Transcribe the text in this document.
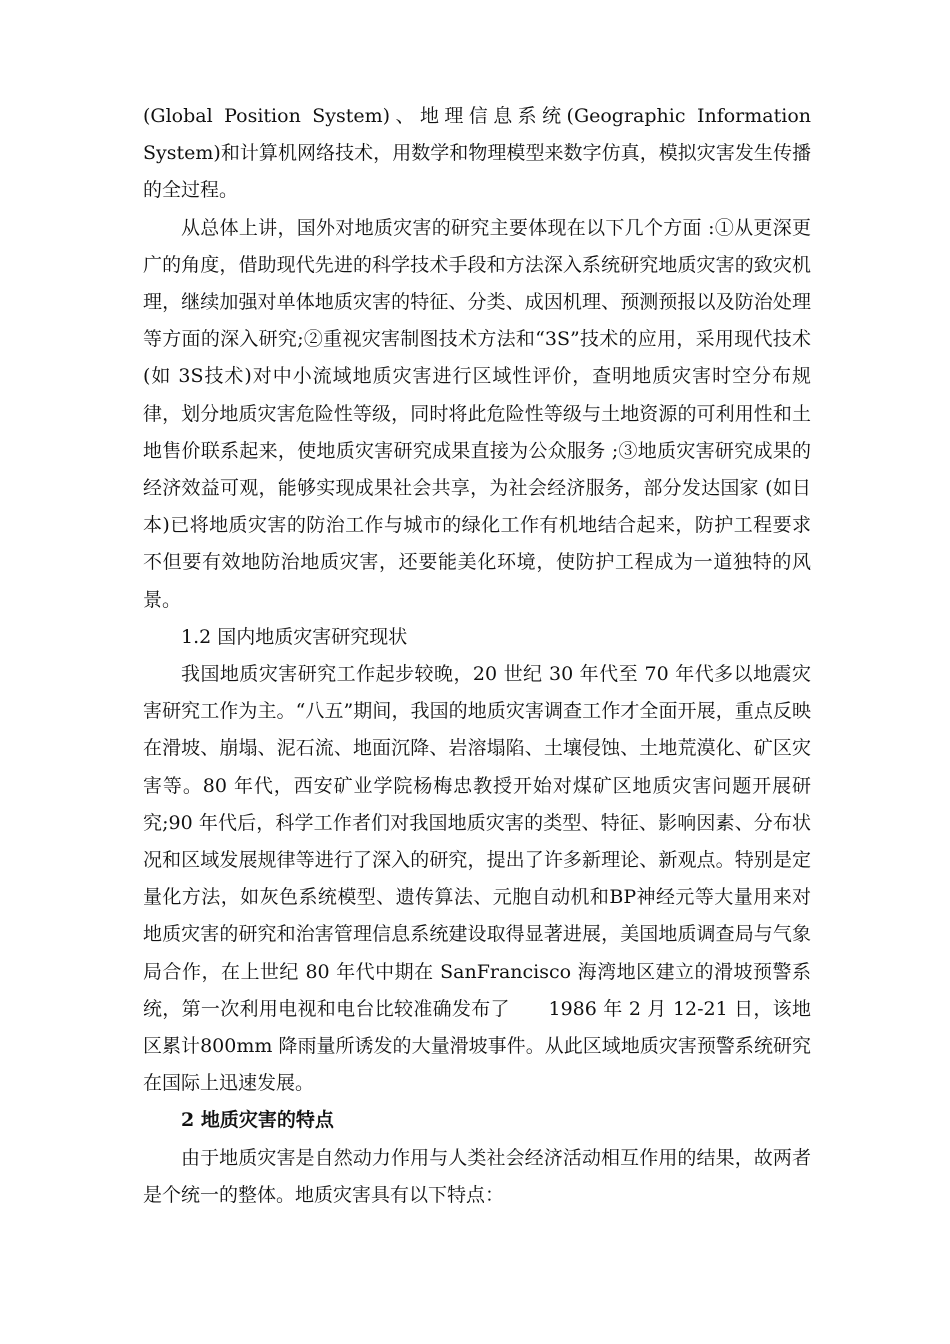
(Global Position System)、地理信息系统(Geographic Information System)和计算机网络技术，用数学和物理模型来数字仿真，模拟灾害发生传播的全过程。

从总体上讲，国外对地质灾害的研究主要体现在以下几个方面 :①从更深更广的角度，借助现代先进的科学技术手段和方法深入系统研究地质灾害的致灾机理，继续加强对单体地质灾害的特征、分类、成因机理、预测预报以及防治处理等方面的深入研究;②重视灾害制图技术方法和“3S”技术的应用，采用现代技术(如 3S技术)对中小流域地质灾害进行区域性评价，查明地质灾害时空分布规律，划分地质灾害危险性等级，同时将此危险性等级与土地资源的可利用性和土地售价联系起来，使地质灾害研究成果直接为公众服务 ;③地质灾害研究成果的经济效益可观，能够实现成果社会共享，为社会经济服务，部分发达国家 (如日本)已将地质灾害的防治工作与城市的绿化工作有机地结合起来，防护工程要求不但要有效地防治地质灾害，还要能美化环境，使防护工程成为一道独特的风景。

1.2 国内地质灾害研究现状

我国地质灾害研究工作起步较晚，20 世纪 30 年代至 70 年代多以地震灾害研究工作为主。“八五”期间，我国的地质灾害调查工作才全面开展，重点反映在滑坡、崩塌、泥石流、地面沉降、岩溶塌陷、土壤侵蚀、土地荒漠化、矿区灾害等。80 年代，西安矿业学院杨梅忠教授开始对煤矿区地质灾害问题开展研究;90 年代后，科学工作者们对我国地质灾害的类型、特征、影响因素、分布状况和区域发展规律等进行了深入的研究，提出了许多新理论、新观点。特别是定量化方法，如灰色系统模型、遗传算法、元胞自动机和BP神经元等大量用来对地质灾害的研究和治害管理信息系统建设取得显著进展，美国地质调查局与气象局合作，在上世纪 80 年代中期在 SanFrancisco 海湾地区建立的滑坡预警系统，第一次利用电视和电台比较准确发布了　　1986 年 2 月 12-21 日，该地区累计800mm 降雨量所诱发的大量滑坡事件。从此区域地质灾害预警系统研究在国际上迅速发展。

2 地质灾害的特点

由于地质灾害是自然动力作用与人类社会经济活动相互作用的结果，故两者是个统一的整体。地质灾害具有以下特点：
